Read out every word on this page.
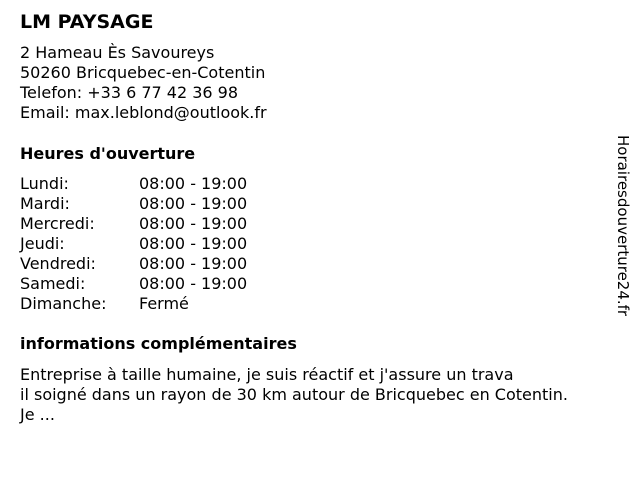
LM PAYSAGE
2 Hameau Ès Savoureys
50260 Bricquebec-en-Cotentin
Telefon: +33 6 77 42 36 98
Email: max.leblond@outlook.fr
Heures d'ouverture
Lundi:	08:00 - 19:00
Mardi:	08:00 - 19:00
Mercredi:	08:00 - 19:00
Jeudi:	08:00 - 19:00
Vendredi:	08:00 - 19:00
Samedi:	08:00 - 19:00
Dimanche: Fermé
informations complémentaires
Entreprise à taille humaine, je suis réactif et j'assure un trava
il soigné dans un rayon de 30 km autour de Bricquebec en Cotentin.
Je ...
Horairesdouverture24.fr
